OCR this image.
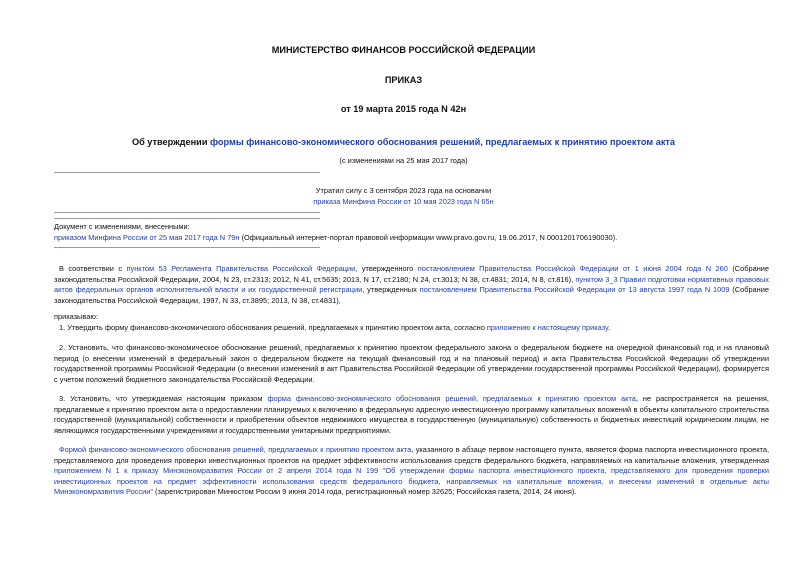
МИНИСТЕРСТВО ФИНАНСОВ РОССИЙСКОЙ ФЕДЕРАЦИИ
ПРИКАЗ
от 19 марта 2015 года N 42н
Об утверждении формы финансово-экономического обоснования решений, предлагаемых к принятию проектом акта
(с изменениями на 25 мая 2017 года)
Утратил силу с 3 сентября 2023 года на основании
приказа Минфина России от 10 мая 2023 года N 65н
Документ с изменениями, внесенными:
приказом Минфина России от 25 мая 2017 года N 79н (Официальный интернет-портал правовой информации www.pravo.gov.ru, 19.06.2017, N 0001201706190030).

В соответствии с пунктом 53 Регламента Правительства Российской Федерации, утвержденного постановлением Правительства Российской Федерации от 1 июня 2004 года N 260 (Собрание законодательства Российской Федерации, 2004, N 23, ст.2313; 2012, N 41, ст.5635; 2013, N 17, ст.2180; N 24, ст.3013; N 38, ст.4831; 2014, N 8, ст.816), пунктом 3_3 Правил подготовки нормативных правовых актов федеральных органов исполнительной власти и их государственной регистрации, утвержденных постановлением Правительства Российской Федерации от 13 августа 1997 года N 1009 (Собрание законодательства Российской Федерации, 1997, N 33, ст.3895; 2013, N 38, ст.4831),

приказываю:

1. Утвердить форму финансово-экономического обоснования решений, предлагаемых к принятию проектом акта, согласно приложению к настоящему приказу.

2. Установить, что финансово-экономическое обоснование решений, предлагаемых к принятию проектом федерального закона о федеральном бюджете на очередной финансовый год и на плановый период (о внесении изменений в федеральный закон о федеральном бюджете на текущий финансовый год и на плановый период) и акта Правительства Российской Федерации об утверждении государственной программы Российской Федерации (о внесении изменений в акт Правительства Российской Федерации об утверждении государственной программы Российской Федерации), формируется с учетом положений бюджетного законодательства Российской Федерации.

3. Установить, что утверждаемая настоящим приказом форма финансово-экономического обоснования решений, предлагаемых к принятию проектом акта, не распространяется на решения, предлагаемые к принятию проектом акта о предоставлении планируемых к включению в федеральную адресную инвестиционную программу капитальных вложений в объекты капитального строительства государственной (муниципальной) собственности и приобретении объектов недвижимого имущества в государственную (муниципальную) собственность и бюджетных инвестиций юридическим лицам, не являющимся государственными учреждениями и государственными унитарными предприятиями.

Формой финансово-экономического обоснования решений, предлагаемых к принятию проектом акта, указанного в абзаце первом настоящего пункта, является форма паспорта инвестиционного проекта, представляемого для проведения проверки инвестиционных проектов на предмет эффективности использования средств федерального бюджета, направляемых на капитальные вложения, утвержденная приложением N 1 к приказу Минэкономразвития России от 2 апреля 2014 года N 199 "Об утверждении формы паспорта инвестиционного проекта, представляемого для проведения проверки инвестиционных проектов на предмет эффективности использования средств федерального бюджета, направляемых на капитальные вложения, и внесении изменений в отдельные акты Минэкономразвития России" (зарегистрирован Минюстом России 9 июня 2014 года, регистрационный номер 32625; Российская газета, 2014, 24 июня).
